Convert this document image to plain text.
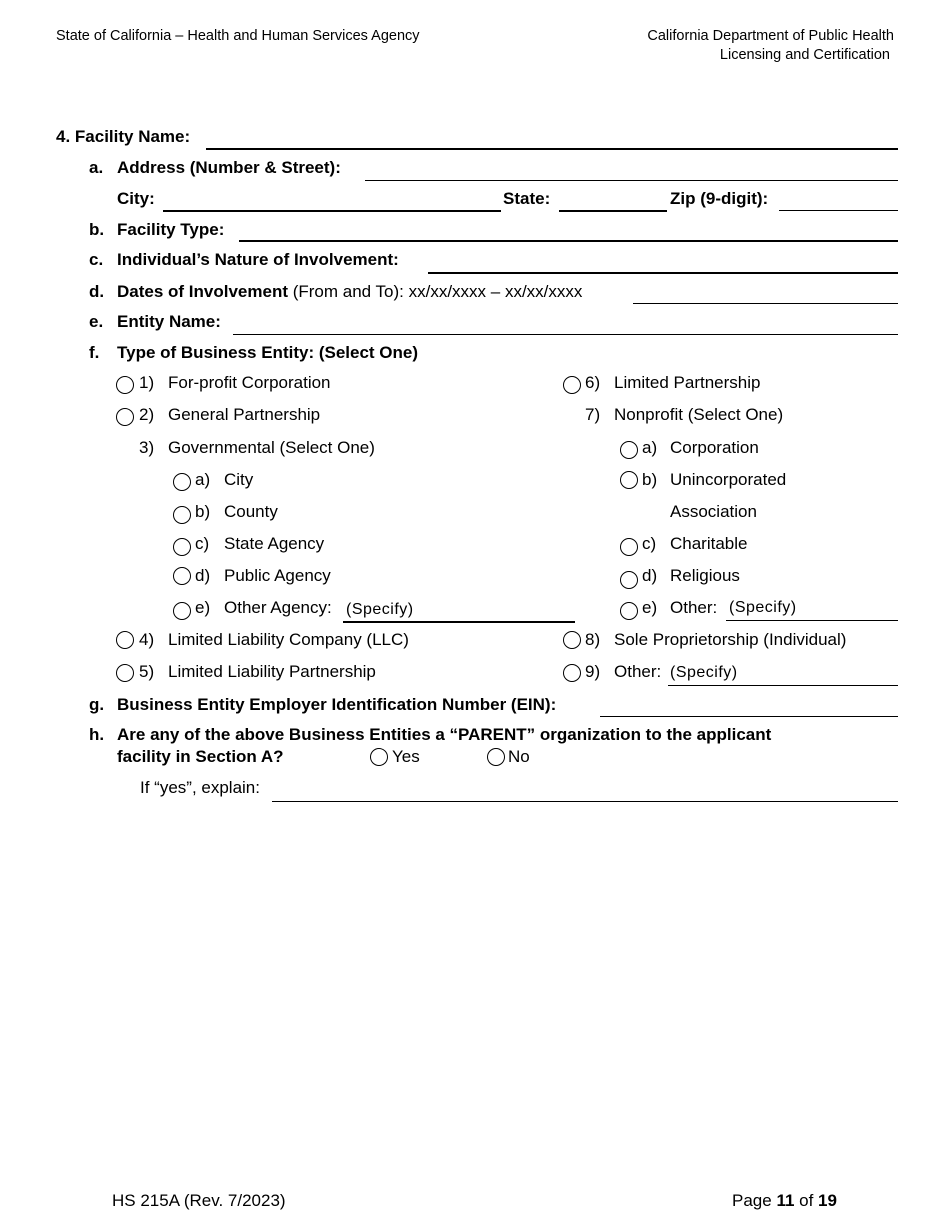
State of California – Health and Human Services Agency	California Department of Public Health
Licensing and Certification
4. Facility Name:
a. Address (Number & Street):
City:	State:	Zip (9-digit):
b. Facility Type:
c. Individual’s Nature of Involvement:
d. Dates of Involvement (From and To): xx/xx/xxxx – xx/xx/xxxx
e. Entity Name:
f. Type of Business Entity: (Select One)
1) For-profit Corporation
2) General Partnership
3) Governmental (Select One)
a) City
b) County
c) State Agency
d) Public Agency
e) Other Agency: (Specify)
4) Limited Liability Company (LLC)
5) Limited Liability Partnership
6) Limited Partnership
7) Nonprofit (Select One)
a) Corporation
b) Unincorporated
Association
c) Charitable
d) Religious
e) Other: (Specify)
8) Sole Proprietorship (Individual)
9) Other: (Specify)
g. Business Entity Employer Identification Number (EIN):
h. Are any of the above Business Entities a “PARENT” organization to the applicant
facility in Section A?	Yes	No
If “yes”, explain:
HS 215A (Rev. 7/2023)	Page 11 of 19
